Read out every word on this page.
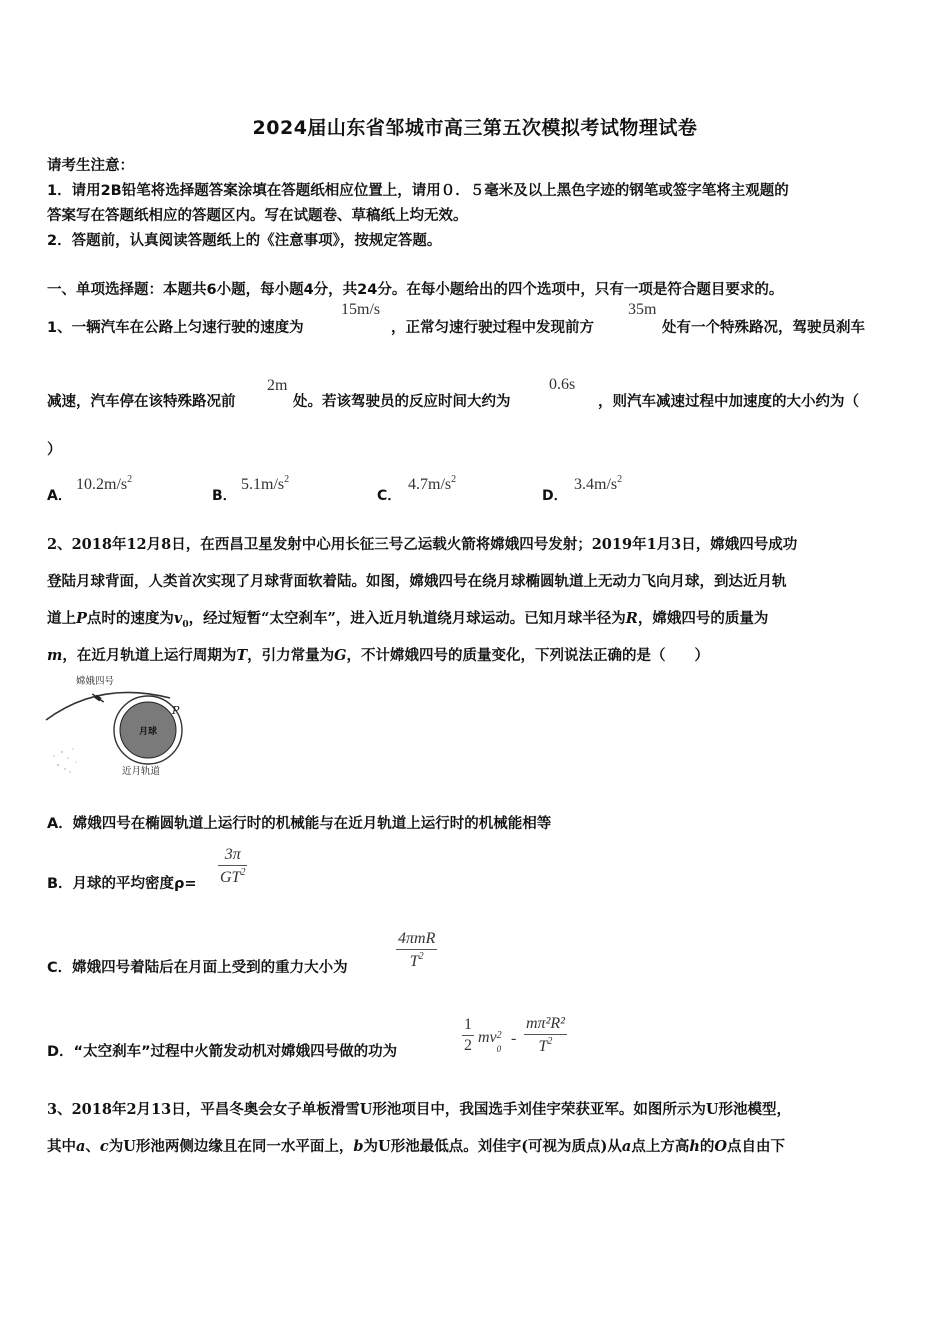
2024届山东省邹城市高三第五次模拟考试物理试卷
请考生注意：
1．请用2B铅笔将选择题答案涂填在答题纸相应位置上，请用０．５毫米及以上黑色字迹的钢笔或签字笔将主观题的
答案写在答题纸相应的答题区内。写在试题卷、草稿纸上均无效。
2．答题前，认真阅读答题纸上的《注意事项》，按规定答题。
一、单项选择题：本题共6小题，每小题4分，共24分。在每小题给出的四个选项中，只有一项是符合题目要求的。
1、一辆汽车在公路上匀速行驶的速度为
15m/s
，正常匀速行驶过程中发现前方
35m
处有一个特殊路况，驾驶员刹车
减速，汽车停在该特殊路况前
2m
处。若该驾驶员的反应时间大约为
0.6s
，则汽车减速过程中加速度的大小约为（
）
A．
$10.2m/s^2$
B．
$5.1m/s^2$
C．
$4.7m/s^2$
D．
$3.4m/s^2$
2、2018年12月8日，在西昌卫星发射中心用长征三号乙运载火箭将嫦娥四号发射；2019年1月3日，嫦娥四号成功
登陆月球背面，人类首次实现了月球背面软着陆。如图，嫦娥四号在绕月球椭圆轨道上无动力飞向月球，到达近月轨
道上P点时的速度为$v_0$，经过短暂“太空刹车”，进入近月轨道绕月球运动。已知月球半径为R，嫦娥四号的质量为
m，在近月轨道上运行周期为T，引力常量为G，不计嫦娥四号的质量变化，下列说法正确的是（　　）
月球
嫦娥四号
P
近月轨道
A．嫦娥四号在椭圆轨道上运行时的机械能与在近月轨道上运行时的机械能相等
B．月球的平均密度ρ=
3π
$GT^2$
C．嫦娥四号着陆后在月面上受到的重力大小为
4πmR
$T^2$
D．“太空刹车”过程中火箭发动机对嫦娥四号做的功为
1
2 mv 2
0
-
mπ²R²
$T^2$
3、2018年2月13日，平昌冬奥会女子单板滑雪U形池项目中，我国选手刘佳宇荣获亚军。如图所示为U形池模型，
其中a、c为U形池两侧边缘且在同一水平面上，b为U形池最低点。刘佳宇(可视为质点)从a点上方高h的O点自由下
